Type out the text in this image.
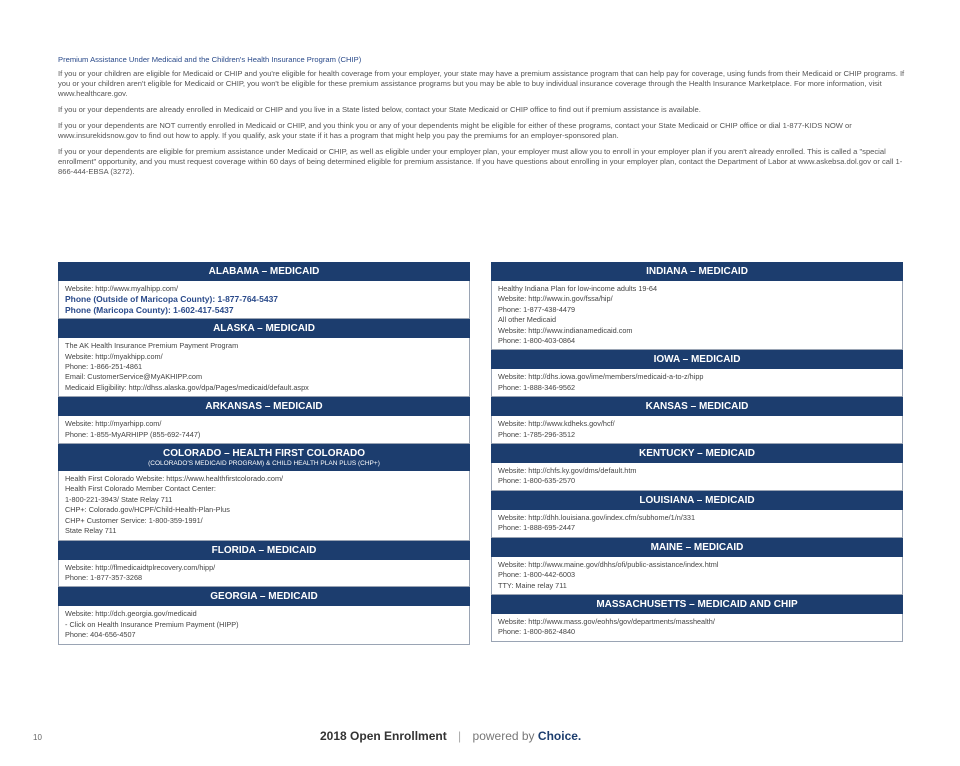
Premium Assistance Under Medicaid and the Children's Health Insurance Program (CHIP)

If you or your children are eligible for Medicaid or CHIP and you're eligible for health coverage from your employer, your state may have a premium assistance program that can help pay for coverage, using funds from their Medicaid or CHIP programs. If you or your children aren't eligible for Medicaid or CHIP, you won't be eligible for these premium assistance programs but you may be able to buy individual insurance coverage through the Health Insurance Marketplace. For more information, visit www.healthcare.gov.

If you or your dependents are already enrolled in Medicaid or CHIP and you live in a State listed below, contact your State Medicaid or CHIP office to find out if premium assistance is available.

If you or your dependents are NOT currently enrolled in Medicaid or CHIP, and you think you or any of your dependents might be eligible for either of these programs, contact your State Medicaid or CHIP office or dial 1-877-KIDS NOW or www.insurekidsnow.gov to find out how to apply. If you qualify, ask your state if it has a program that might help you pay the premiums for an employer-sponsored plan.

If you or your dependents are eligible for premium assistance under Medicaid or CHIP, as well as eligible under your employer plan, your employer must allow you to enroll in your employer plan if you aren't already enrolled. This is called a "special enrollment" opportunity, and you must request coverage within 60 days of being determined eligible for premium assistance. If you have questions about enrolling in your employer plan, contact the Department of Labor at www.askebsa.dol.gov or call 1-866-444-EBSA (3272).

ALABAMA – MEDICAID
Website: http://www.myalhipp.com/
Phone (Outside of Maricopa County): 1-877-764-5437
Phone (Maricopa County): 1-602-417-5437
ALASKA – MEDICAID
The AK Health Insurance Premium Payment Program
Website: http://myakhipp.com/
Phone: 1-866-251-4861
Email: CustomerService@MyAKHIPP.com
Medicaid Eligibility: http://dhss.alaska.gov/dpa/Pages/medicaid/default.aspx
ARKANSAS – MEDICAID
Website: http://myarhipp.com/
Phone: 1-855-MyARHIPP (855-692-7447)
COLORADO – HEALTH FIRST COLORADO
(COLORADO'S MEDICAID PROGRAM) & CHILD HEALTH PLAN PLUS (CHP+)
Health First Colorado Website: https://www.healthfirstcolorado.com/
Health First Colorado Member Contact Center:
1-800-221-3943/ State Relay 711
CHP+: Colorado.gov/HCPF/Child-Health-Plan-Plus
CHP+ Customer Service: 1-800-359-1991/
State Relay 711
FLORIDA – MEDICAID
Website: http://flmedicaidtplrecovery.com/hipp/
Phone: 1-877-357-3268
GEORGIA – MEDICAID
Website: http://dch.georgia.gov/medicaid
- Click on Health Insurance Premium Payment (HIPP)
Phone: 404-656-4507
INDIANA – MEDICAID
Healthy Indiana Plan for low-income adults 19-64
Website: http://www.in.gov/fssa/hip/
Phone: 1-877-438-4479
All other Medicaid
Website: http://www.indianamedicaid.com
Phone: 1-800-403-0864
IOWA – MEDICAID
Website: http://dhs.iowa.gov/ime/members/medicaid-a-to-z/hipp
Phone: 1-888-346-9562
KANSAS – MEDICAID
Website: http://www.kdheks.gov/hcf/
Phone: 1-785-296-3512
KENTUCKY – MEDICAID
Website: http://chfs.ky.gov/dms/default.htm
Phone: 1-800-635-2570
LOUISIANA – MEDICAID
Website: http://dhh.louisiana.gov/index.cfm/subhome/1/n/331
Phone: 1-888-695-2447
MAINE – MEDICAID
Website: http://www.maine.gov/dhhs/ofi/public-assistance/index.html
Phone: 1-800-442-6003
TTY: Maine relay 711
MASSACHUSETTS – MEDICAID AND CHIP
Website: http://www.mass.gov/eohhs/gov/departments/masshealth/
Phone: 1-800-862-4840
10	2018 Open Enrollment | powered by Choice.
